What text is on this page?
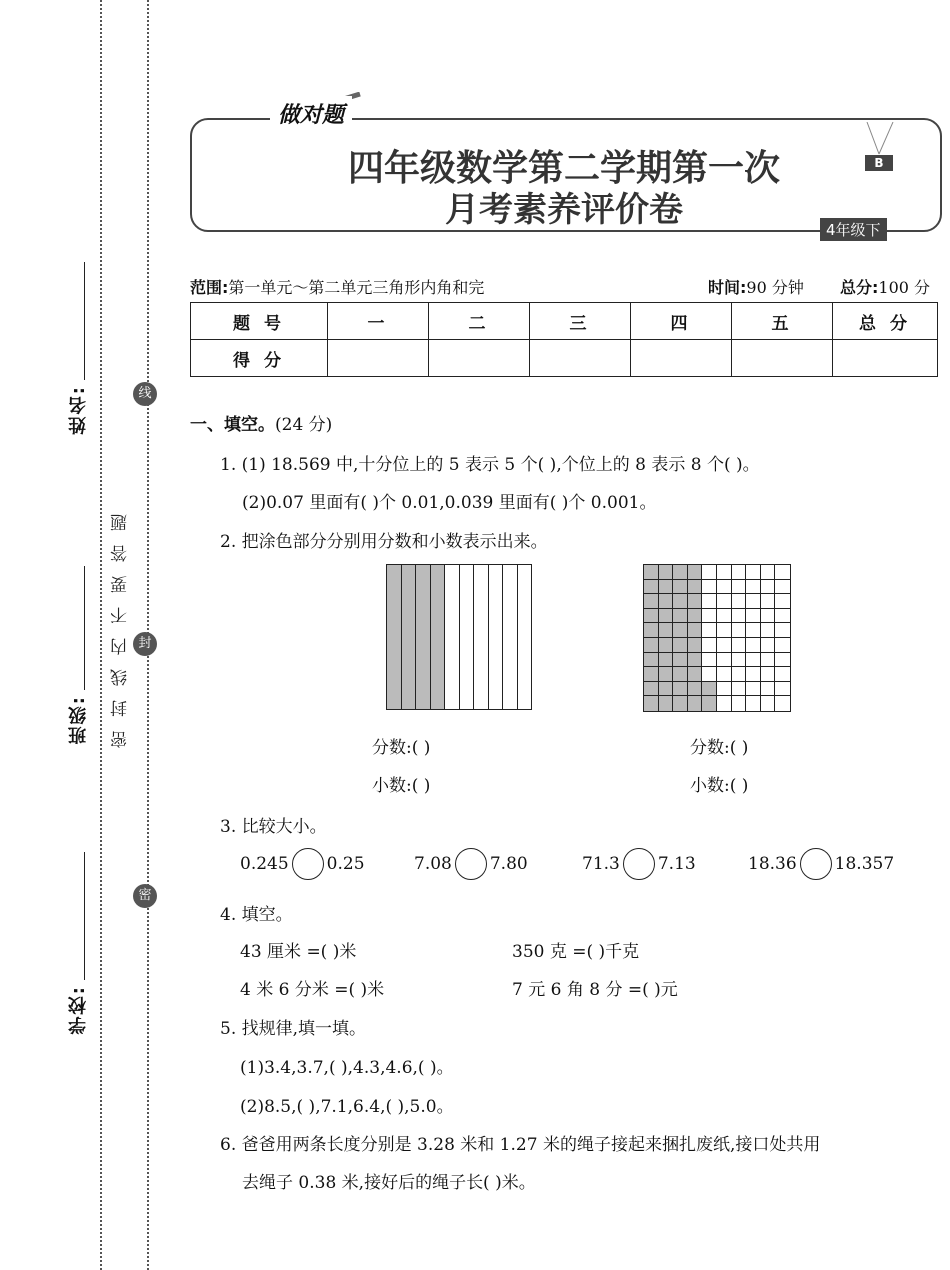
姓名:
班级:
学校:
密封线内不要答题
线
封
密
做对题
四年级数学第二学期第一次
月考素养评价卷
B
4年级下
范围:第一单元～第二单元三角形内角和完	时间:90 分钟 总分:100 分
题 号	一	二	三	四	五	总 分
得 分						
一、填空。(24 分)
1. (1) 18.569 中,十分位上的 5 表示 5 个( ),个位上的 8 表示 8 个( )。
(2)0.07 里面有( )个 0.01,0.039 里面有( )个 0.001。
2. 把涂色部分分别用分数和小数表示出来。
分数:( )
小数:( )
分数:( )
小数:( )
3. 比较大小。
0.245 0.25	7.08 7.80	71.3 7.13	18.36 18.357
4. 填空。
43 厘米 =( )米	350 克 =( )千克
4 米 6 分米 =( )米	7 元 6 角 8 分 =( )元
5. 找规律,填一填。
(1)3.4,3.7,( ),4.3,4.6,( )。
(2)8.5,( ),7.1,6.4,( ),5.0。
6. 爸爸用两条长度分别是 3.28 米和 1.27 米的绳子接起来捆扎废纸,接口处共用
去绳子 0.38 米,接好后的绳子长( )米。
